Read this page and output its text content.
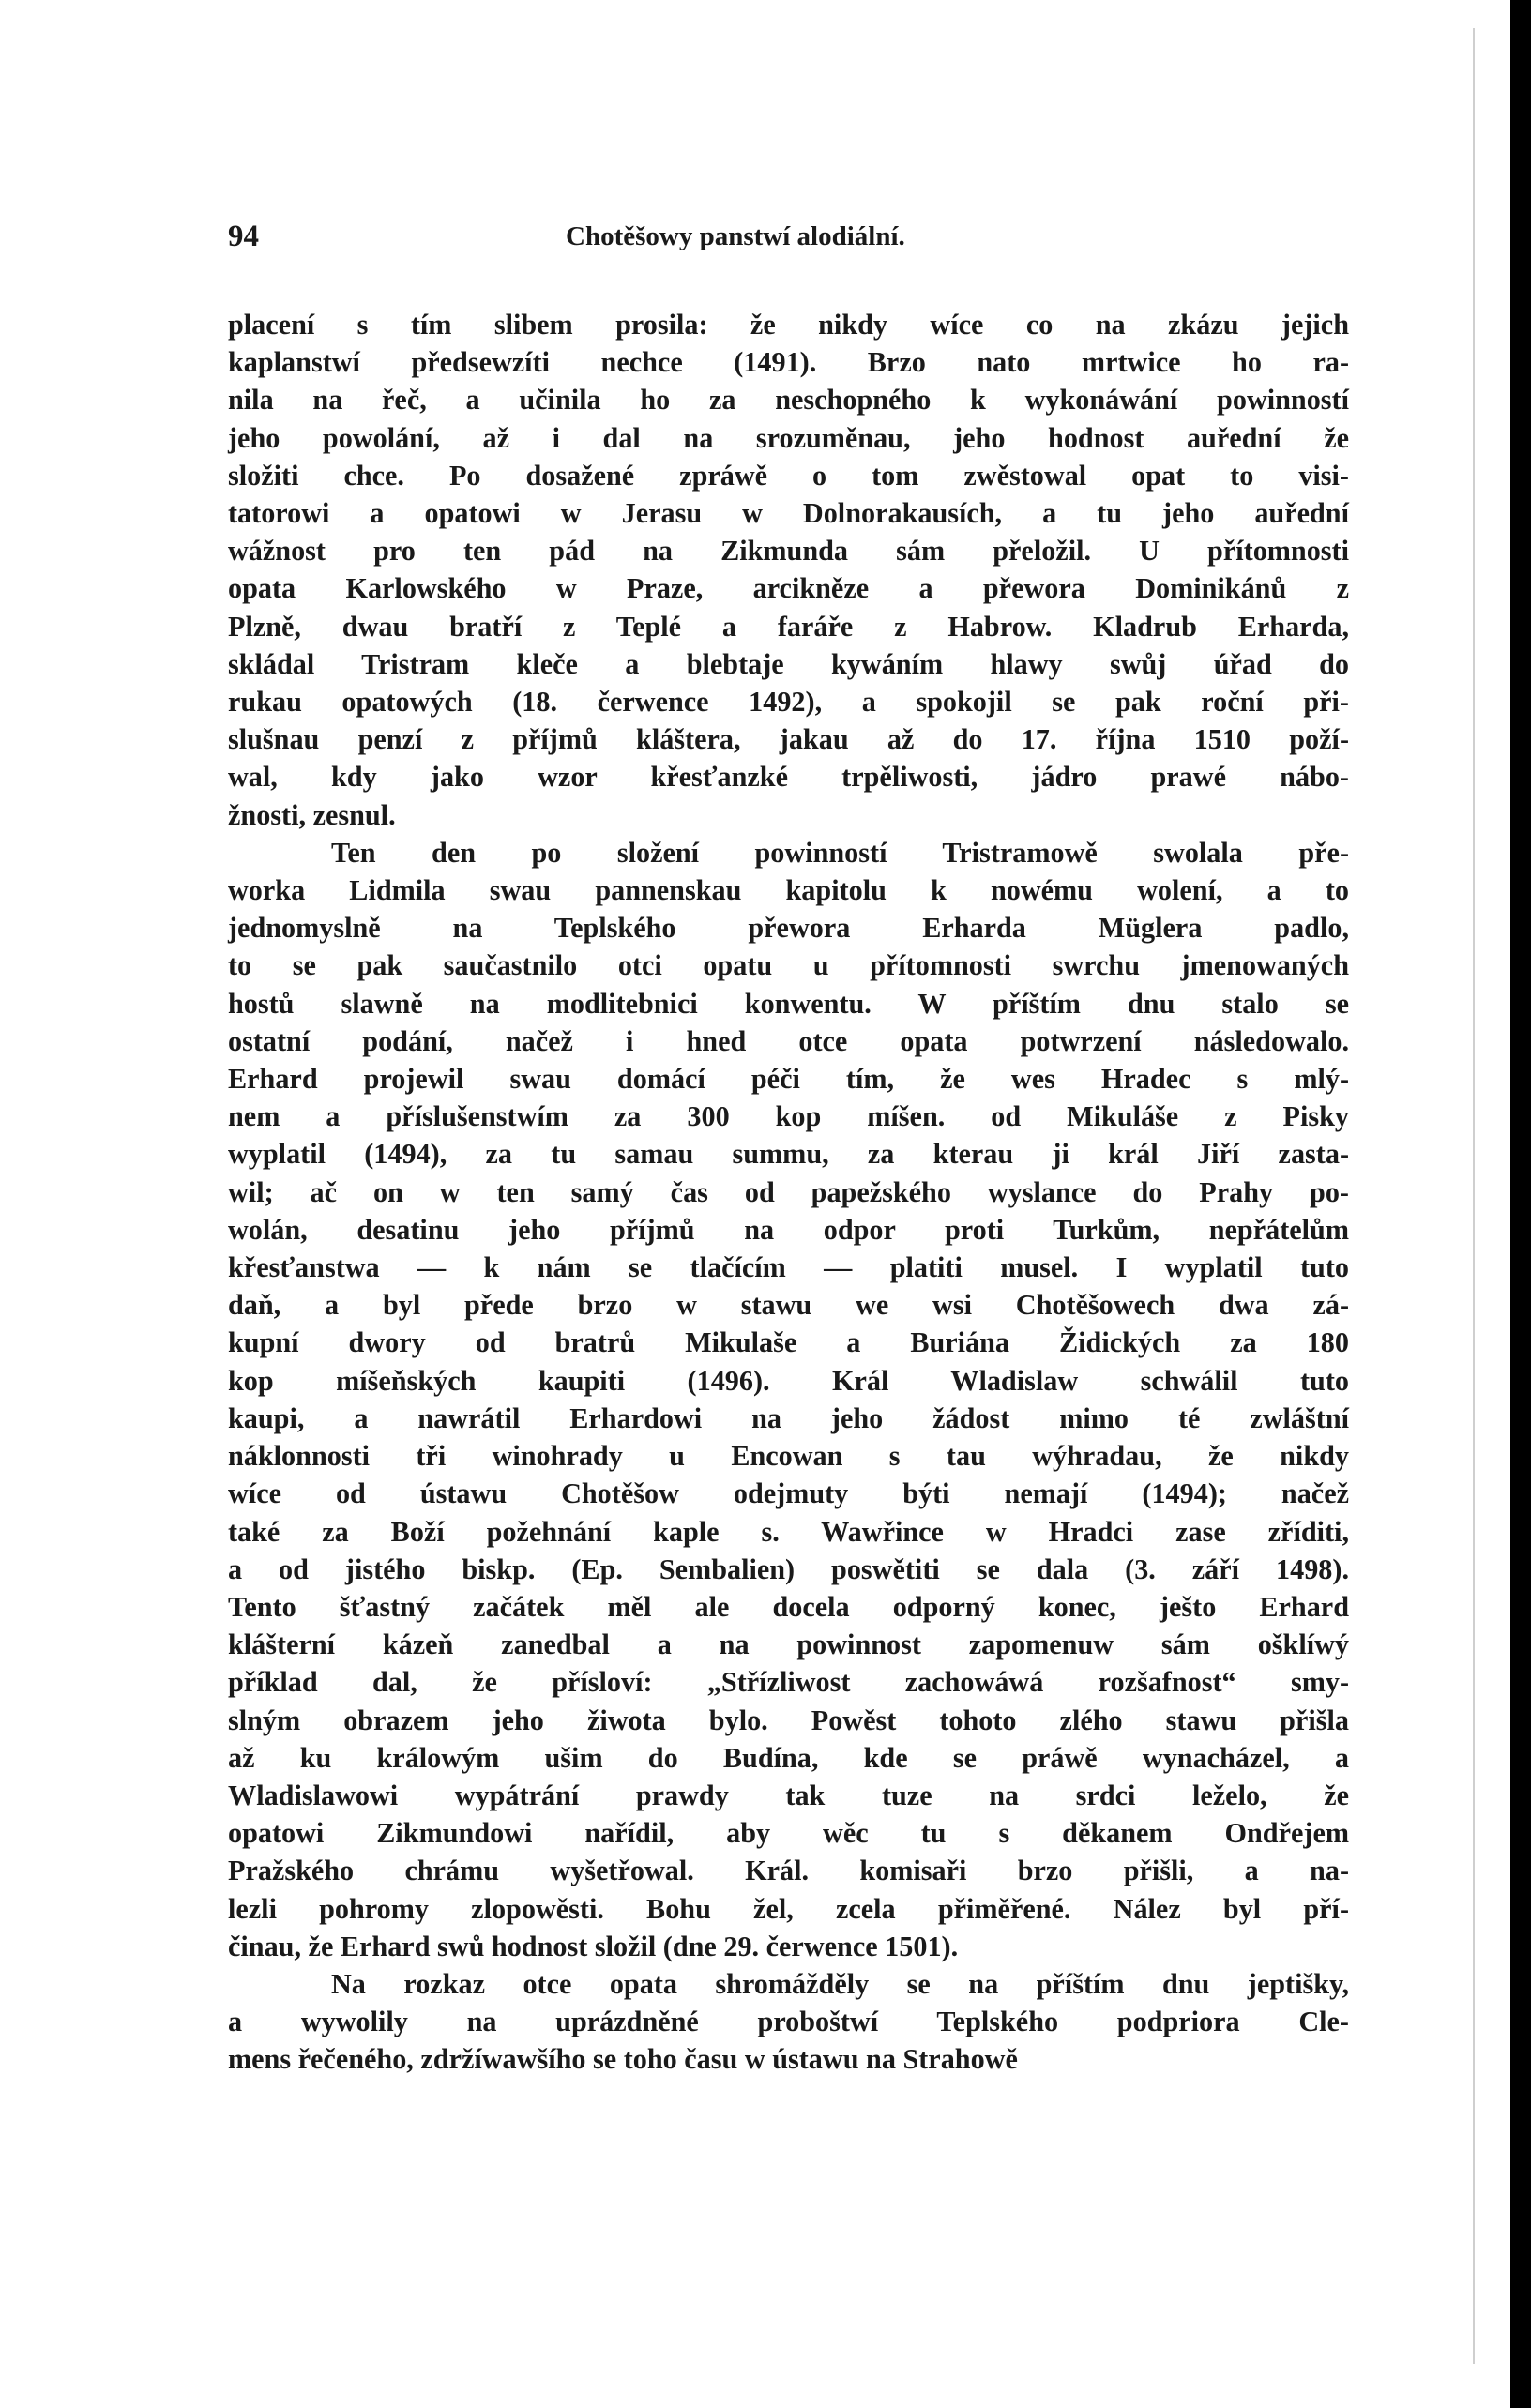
94	Chotěšowy panstwí alodiální.

placení s tím slibem prosila: že nikdy wíce co na zkázu jejich
kaplanstwí předsewzíti nechce (1491). Brzo nato mrtwice ho ra-
nila na řeč, a učinila ho za neschopného k wykonáwání powinností
jeho powolání, až i dal na srozuměnau, jeho hodnost auřední že
složiti chce. Po dosažené zpráwě o tom zwěstowal opat to visi-
tatorowi a opatowi w Jerasu w Dolnorakausích, a tu jeho auřední
wážnost pro ten pád na Zikmunda sám přeložil. U přítomnosti
opata Karlowského w Praze, arcikněze a přewora Dominikánů z
Plzně, dwau bratří z Teplé a faráře z Habrow. Kladrub Erharda,
skládal Tristram kleče a blebtaje kywáním hlawy swůj úřad do
rukau opatowých (18. čerwence 1492), a spokojil se pak roční při-
slušnau penzí z příjmů kláštera, jakau až do 17. října 1510 poží-
wal, kdy jako wzor křesťanzké trpěliwosti, jádro prawé nábo-
žnosti, zesnul.

Ten den po složení powinností Tristramowě swolala pře-
worka Lidmila swau pannenskau kapitolu k nowému wolení, a to
jednomyslně na Teplského přewora Erharda Müglera padlo,
to se pak saučastnilo otci opatu u přítomnosti swrchu jmenowaných
hostů slawně na modlitebnici konwentu. W příštím dnu stalo se
ostatní podání, načež i hned otce opata potwrzení následowalo.
Erhard projewil swau domácí péči tím, že wes Hradec s mlý-
nem a příslušenstwím za 300 kop míšen. od Mikuláše z Pisky
wyplatil (1494), za tu samau summu, za kterau ji král Jiří zasta-
wil; ač on w ten samý čas od papežského wyslance do Prahy po-
wolán, desatinu jeho příjmů na odpor proti Turkům, nepřátelům
křesťanstwa — k nám se tlačícím — platiti musel. I wyplatil tuto
daň, a byl přede brzo w stawu we wsi Chotěšowech dwa zá-
kupní dwory od bratrů Mikulaše a Buriána Židických za 180
kop míšeňských kaupiti (1496). Král Wladislaw schwálil tuto
kaupi, a nawrátil Erhardowi na jeho žádost mimo té zwláštní
náklonnosti tři winohrady u Encowan s tau wýhradau, že nikdy
wíce od ústawu Chotěšow odejmuty býti nemají (1494); načež
také za Boží požehnání kaple s. Wawřince w Hradci zase zříditi,
a od jistého biskp. (Ep. Sembalien) poswětiti se dala (3. září 1498).
Tento šťastný začátek měl ale docela odporný konec, ješto Erhard
klášterní kázeň zanedbal a na powinnost zapomenuw sám ošklíwý
příklad dal, že přísloví: „Střízliwost zachowáwá rozšafnost“ smy-
slným obrazem jeho žiwota bylo. Powěst tohoto zlého stawu přišla
až ku králowým ušim do Budína, kde se práwě wynacházel, a
Wladislawowi wypátrání prawdy tak tuze na srdci leželo, že
opatowi Zikmundowi nařídil, aby wěc tu s děkanem Ondřejem
Pražského chrámu wyšetřowal. Král. komisaři brzo přišli, a na-
lezli pohromy zlopowěsti. Bohu žel, zcela přiměřené. Nález byl pří-
činau, že Erhard swů hodnost složil (dne 29. čerwence 1501).

Na rozkaz otce opata shromážděly se na příštím dnu jeptišky,
a wywolily na uprázdněné proboštwí Teplského podpriora Cle-
mens řečeného, zdržíwawšího se toho času w ústawu na Strahowě
